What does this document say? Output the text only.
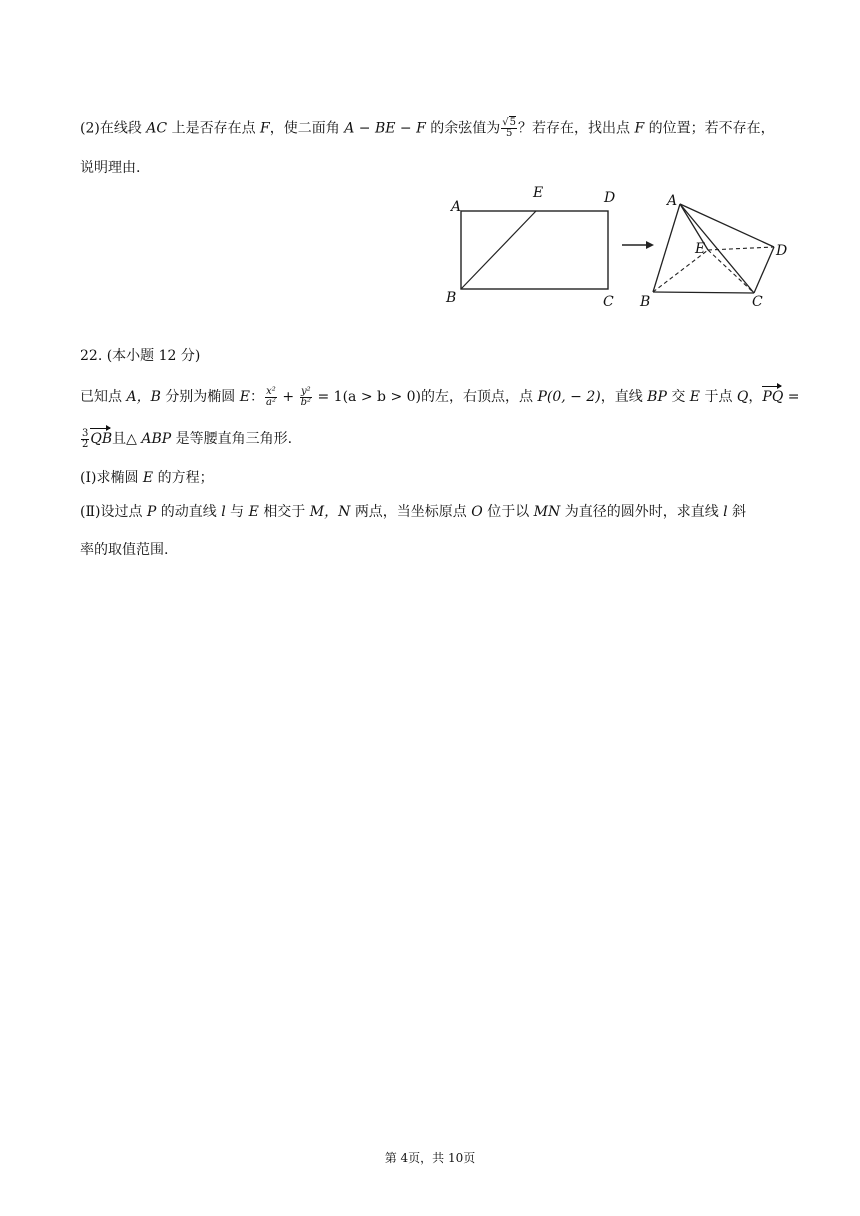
(2)在线段 AC 上是否存在点 F，使二面角 A − BE − F 的余弦值为 $\frac{√5}{5}$ ？若存在，找出点 F 的位置；若不存在，
说明理由.
A
E	D
B	C
A
E	D
B	C
22. (本小题 12 分)
已知点 A，B 分别为椭圆 E： $\frac{\text{x²}}{\text{a²}} + \frac{\text{y²}}{\text{b²}} = 1(a > b > 0)$的左，右顶点，点 P(0, − 2)，直线 BP 交 E 于点 Q，PQ =
$\frac{3}{2}$ QB且△ ABP 是等腰直角三角形.
(Ⅰ)求椭圆 E 的方程；
(Ⅱ)设过点 P 的动直线 l 与 E 相交于 M，N 两点，当坐标原点 O 位于以 MN 为直径的圆外时，求直线 l 斜
率的取值范围.
第 4页，共 10页
